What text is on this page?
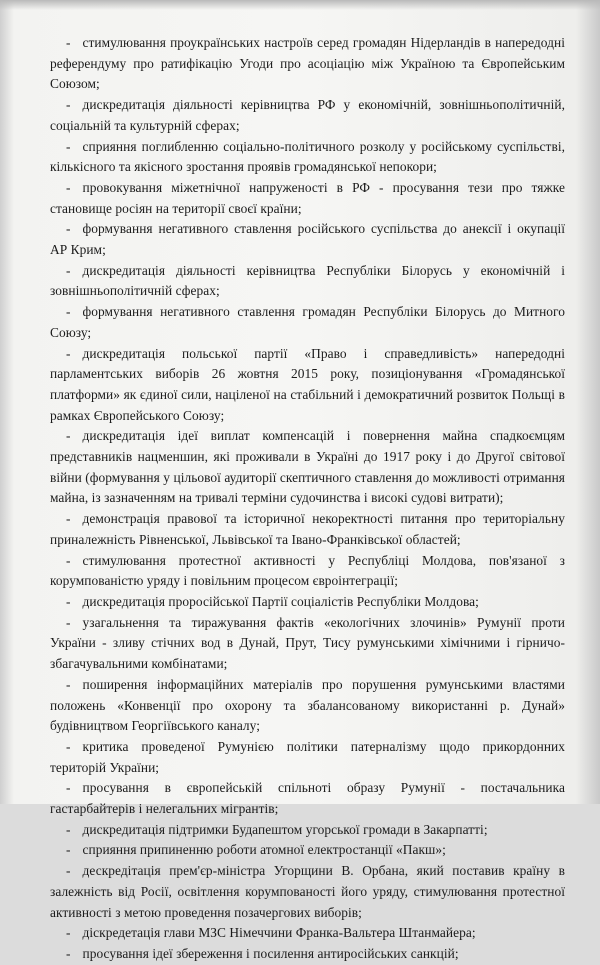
- стимулювання проукраїнських настроїв серед громадян Нідерландів в напередодні референдуму про ратифікацію Угоди про асоціацію між Україною та Європейським Союзом;

- дискредитація діяльності керівництва РФ у економічній, зовнішньополітичній, соціальній та культурній сферах;

- сприяння поглибленню соціально-політичного розколу у російському суспільстві, кількісного та якісного зростання проявів громадянської непокори;

- провокування міжетнічної напруженості в РФ - просування тези про тяжке становище росіян на території своєї країни;

- формування негативного ставлення російського суспільства до анексії і окупації АР Крим;

- дискредитація діяльності керівництва Республіки Білорусь у економічній і зовнішньополітичній сферах;

- формування негативного ставлення громадян Республіки Білорусь до Митного Союзу;

- дискредитація польської партії «Право і справедливість» напередодні парламентських виборів 26 жовтня 2015 року, позиціонування «Громадянської платформи» як єдиної сили, націленої на стабільний і демократичний розвиток Польщі в рамках Європейського Союзу;

- дискредитація ідеї виплат компенсацій і повернення майна спадкоємцям представників нацменшин, які проживали в Україні до 1917 року і до Другої світової війни (формування у цільової аудиторії скептичного ставлення до можливості отримання майна, із зазначенням на тривалі терміни судочинства і високі судові витрати);

- демонстрація правової та історичної некоректності питання про територіальну приналежність Рівненської, Львівської та Івано-Франківської областей;

- стимулювання протестної активності у Республіці Молдова, пов'язаної з корумпованістю уряду і повільним процесом євроінтеграції;

- дискредитація проросійської Партії соціалістів Республіки Молдова;

- узагальнення та тиражування фактів «екологічних злочинів» Румунії проти України - зливу стічних вод в Дунай, Прут, Тису румунськими хімічними і гірничо-збагачувальними комбінатами;

- поширення інформаційних матеріалів про порушення румунськими властями положень «Конвенції про охорону та збалансованому використанні р. Дунай» будівництвом Георгіївського каналу;

- критика проведеної Румунією політики патерналізму щодо прикордонних територій України;

- просування в європейській спільноті образу Румунії - постачальника гастарбайтерів і нелегальних мігрантів;

- дискредитація підтримки Будапештом угорської громади в Закарпатті;

- сприяння припиненню роботи атомної електростанції «Пакш»;

- дескредітація прем'єр-міністра Угорщини В. Орбана, який поставив країну в залежність від Росії, освітлення корумпованості його уряду, стимулювання протестної активності з метою проведення позачергових виборів;

- дiскредетація глави МЗС Німеччини Франка-Вальтера Штанмайера;

- просування ідеї збереження і посилення антиросійських санкцій;
